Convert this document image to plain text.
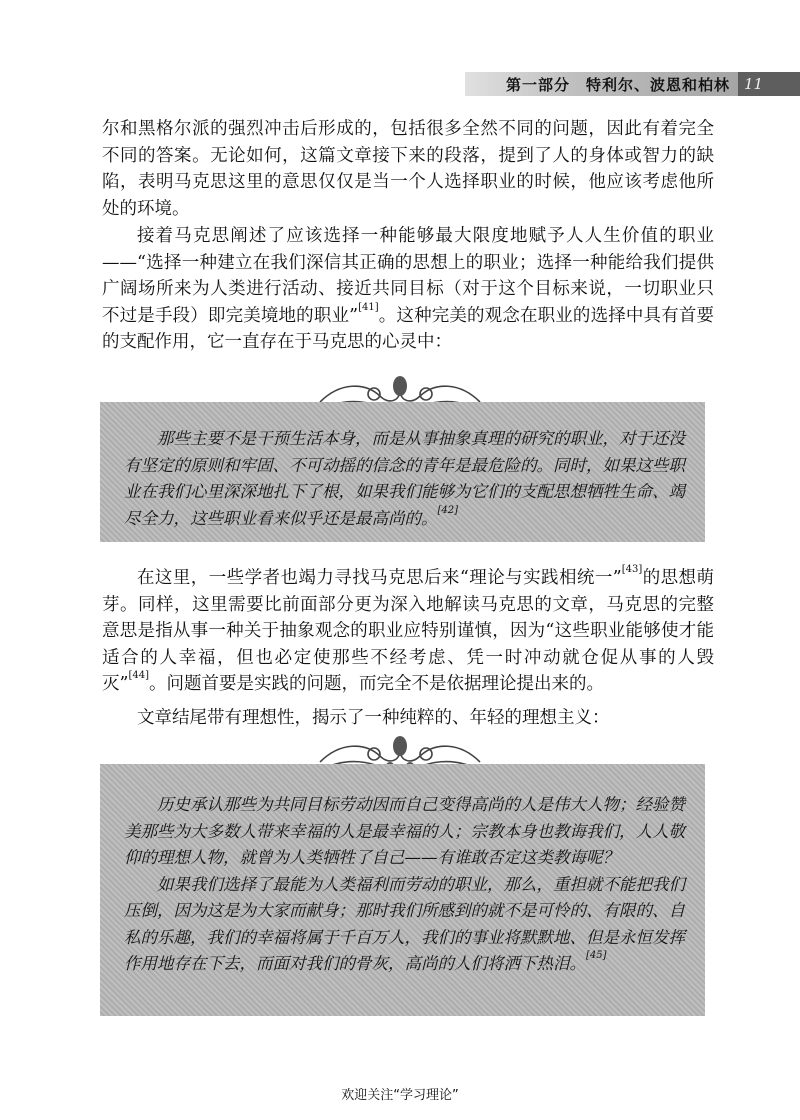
第一部分　特利尔、波恩和柏林 11

尔和黑格尔派的强烈冲击后形成的，包括很多全然不同的问题，因此有着完全不同的答案。无论如何，这篇文章接下来的段落，提到了人的身体或智力的缺陷，表明马克思这里的意思仅仅是当一个人选择职业的时候，他应该考虑他所处的环境。

接着马克思阐述了应该选择一种能够最大限度地赋予人人生价值的职业——“选择一种建立在我们深信其正确的思想上的职业；选择一种能给我们提供广阔场所来为人类进行活动、接近共同目标（对于这个目标来说，一切职业只不过是手段）即完美境地的职业”[41]。这种完美的观念在职业的选择中具有首要的支配作用，它一直存在于马克思的心灵中：

那些主要不是干预生活本身，而是从事抽象真理的研究的职业，对于还没有坚定的原则和牢固、不可动摇的信念的青年是最危险的。同时，如果这些职业在我们心里深深地扎下了根，如果我们能够为它们的支配思想牺牲生命、竭尽全力，这些职业看来似乎还是最高尚的。[42]

在这里，一些学者也竭力寻找马克思后来“理论与实践相统一”[43]的思想萌芽。同样，这里需要比前面部分更为深入地解读马克思的文章，马克思的完整意思是指从事一种关于抽象观念的职业应特别谨慎，因为“这些职业能够使才能适合的人幸福，但也必定使那些不经考虑、凭一时冲动就仓促从事的人毁灭”[44]。问题首要是实践的问题，而完全不是依据理论提出来的。

文章结尾带有理想性，揭示了一种纯粹的、年轻的理想主义：

历史承认那些为共同目标劳动因而自己变得高尚的人是伟大人物；经验赞美那些为大多数人带来幸福的人是最幸福的人；宗教本身也教诲我们，人人敬仰的理想人物，就曾为人类牺牲了自己——有谁敢否定这类教诲呢？

如果我们选择了最能为人类福利而劳动的职业，那么，重担就不能把我们压倒，因为这是为大家而献身；那时我们所感到的就不是可怜的、有限的、自私的乐趣，我们的幸福将属于千百万人，我们的事业将默默地、但是永恒发挥作用地存在下去，而面对我们的骨灰，高尚的人们将洒下热泪。[45]

欢迎关注“学习理论”
